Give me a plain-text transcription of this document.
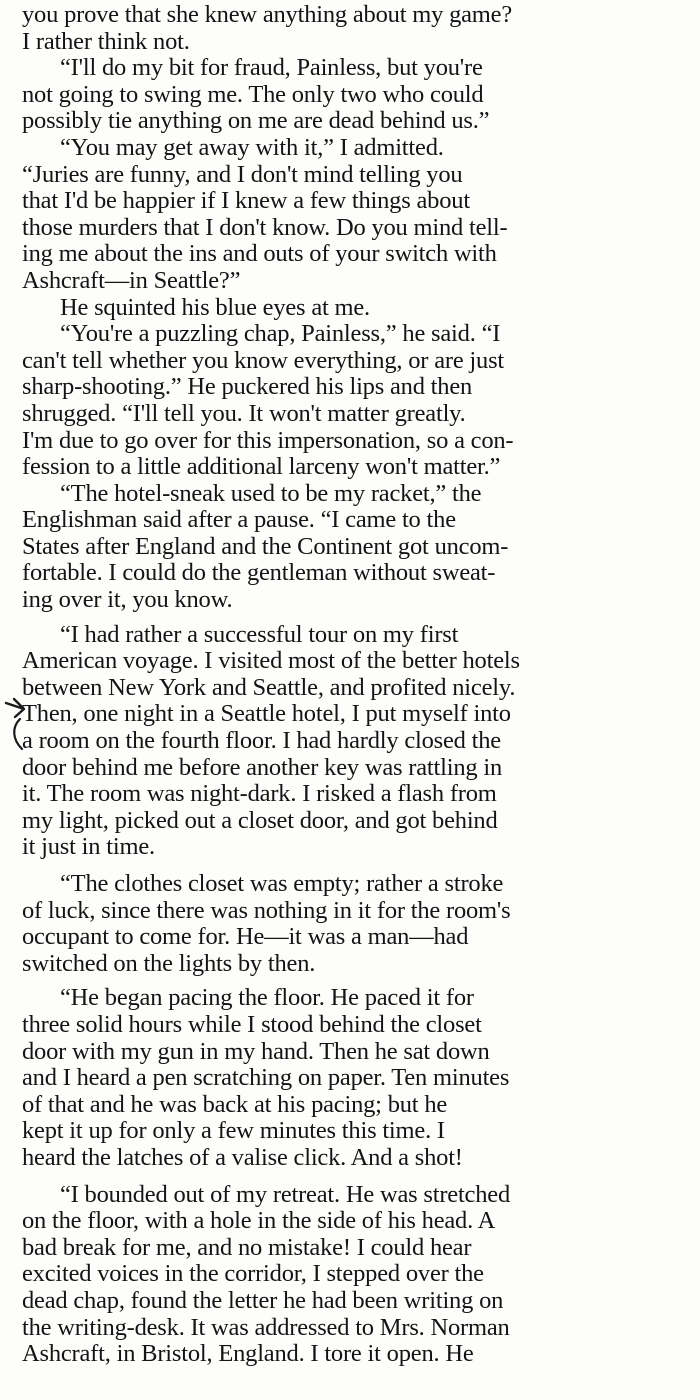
you prove that she knew anything about my game?
I rather think not.
“I'll do my bit for fraud, Painless, but you're
not going to swing me. The only two who could
possibly tie anything on me are dead behind us.”
“You may get away with it,” I admitted.
“Juries are funny, and I don't mind telling you
that I'd be happier if I knew a few things about
those murders that I don't know. Do you mind tell-
ing me about the ins and outs of your switch with
Ashcraft—in Seattle?”
He squinted his blue eyes at me.
“You're a puzzling chap, Painless,” he said. “I
can't tell whether you know everything, or are just
sharp-shooting.” He puckered his lips and then
shrugged. “I'll tell you. It won't matter greatly.
I'm due to go over for this impersonation, so a con-
fession to a little additional larceny won't matter.”
“The hotel-sneak used to be my racket,” the
Englishman said after a pause. “I came to the
States after England and the Continent got uncom-
fortable. I could do the gentleman without sweat-
ing over it, you know.
“I had rather a successful tour on my first
American voyage. I visited most of the better hotels
between New York and Seattle, and profited nicely.
Then, one night in a Seattle hotel, I put myself into
a room on the fourth floor. I had hardly closed the
door behind me before another key was rattling in
it. The room was night-dark. I risked a flash from
my light, picked out a closet door, and got behind
it just in time.
“The clothes closet was empty; rather a stroke
of luck, since there was nothing in it for the room's
occupant to come for. He—it was a man—had
switched on the lights by then.
“He began pacing the floor. He paced it for
three solid hours while I stood behind the closet
door with my gun in my hand. Then he sat down
and I heard a pen scratching on paper. Ten minutes
of that and he was back at his pacing; but he
kept it up for only a few minutes this time. I
heard the latches of a valise click. And a shot!
“I bounded out of my retreat. He was stretched
on the floor, with a hole in the side of his head. A
bad break for me, and no mistake! I could hear
excited voices in the corridor, I stepped over the
dead chap, found the letter he had been writing on
the writing-desk. It was addressed to Mrs. Norman
Ashcraft, in Bristol, England. I tore it open. He
